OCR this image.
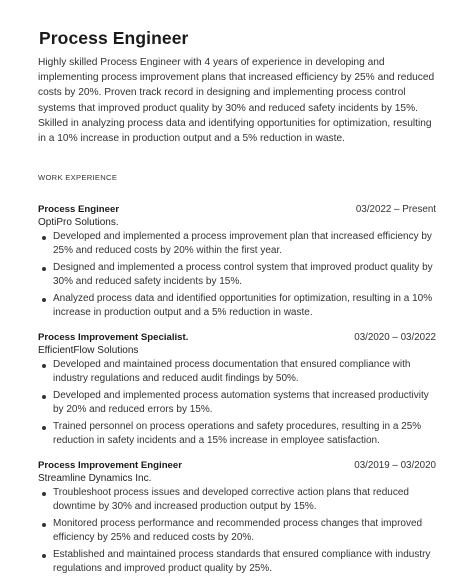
Process Engineer

Highly skilled Process Engineer with 4 years of experience in developing and implementing process improvement plans that increased efficiency by 25% and reduced costs by 20%. Proven track record in designing and implementing process control systems that improved product quality by 30% and reduced safety incidents by 15%. Skilled in analyzing process data and identifying opportunities for optimization, resulting in a 10% increase in production output and a 5% reduction in waste.

WORK EXPERIENCE
Process Engineer	03/2022 – Present
OptiPro Solutions.
Developed and implemented a process improvement plan that increased efficiency by 25% and reduced costs by 20% within the first year.
Designed and implemented a process control system that improved product quality by 30% and reduced safety incidents by 15%.
Analyzed process data and identified opportunities for optimization, resulting in a 10% increase in production output and a 5% reduction in waste.
Process Improvement Specialist.	03/2020 – 03/2022
EfficientFlow Solutions
Developed and maintained process documentation that ensured compliance with industry regulations and reduced audit findings by 50%.
Developed and implemented process automation systems that increased productivity by 20% and reduced errors by 15%.
Trained personnel on process operations and safety procedures, resulting in a 25% reduction in safety incidents and a 15% increase in employee satisfaction.
Process Improvement Engineer	03/2019 – 03/2020
Streamline Dynamics Inc.
Troubleshoot process issues and developed corrective action plans that reduced downtime by 30% and increased production output by 15%.
Monitored process performance and recommended process changes that improved efficiency by 25% and reduced costs by 20%.
Established and maintained process standards that ensured compliance with industry regulations and improved product quality by 25%.
